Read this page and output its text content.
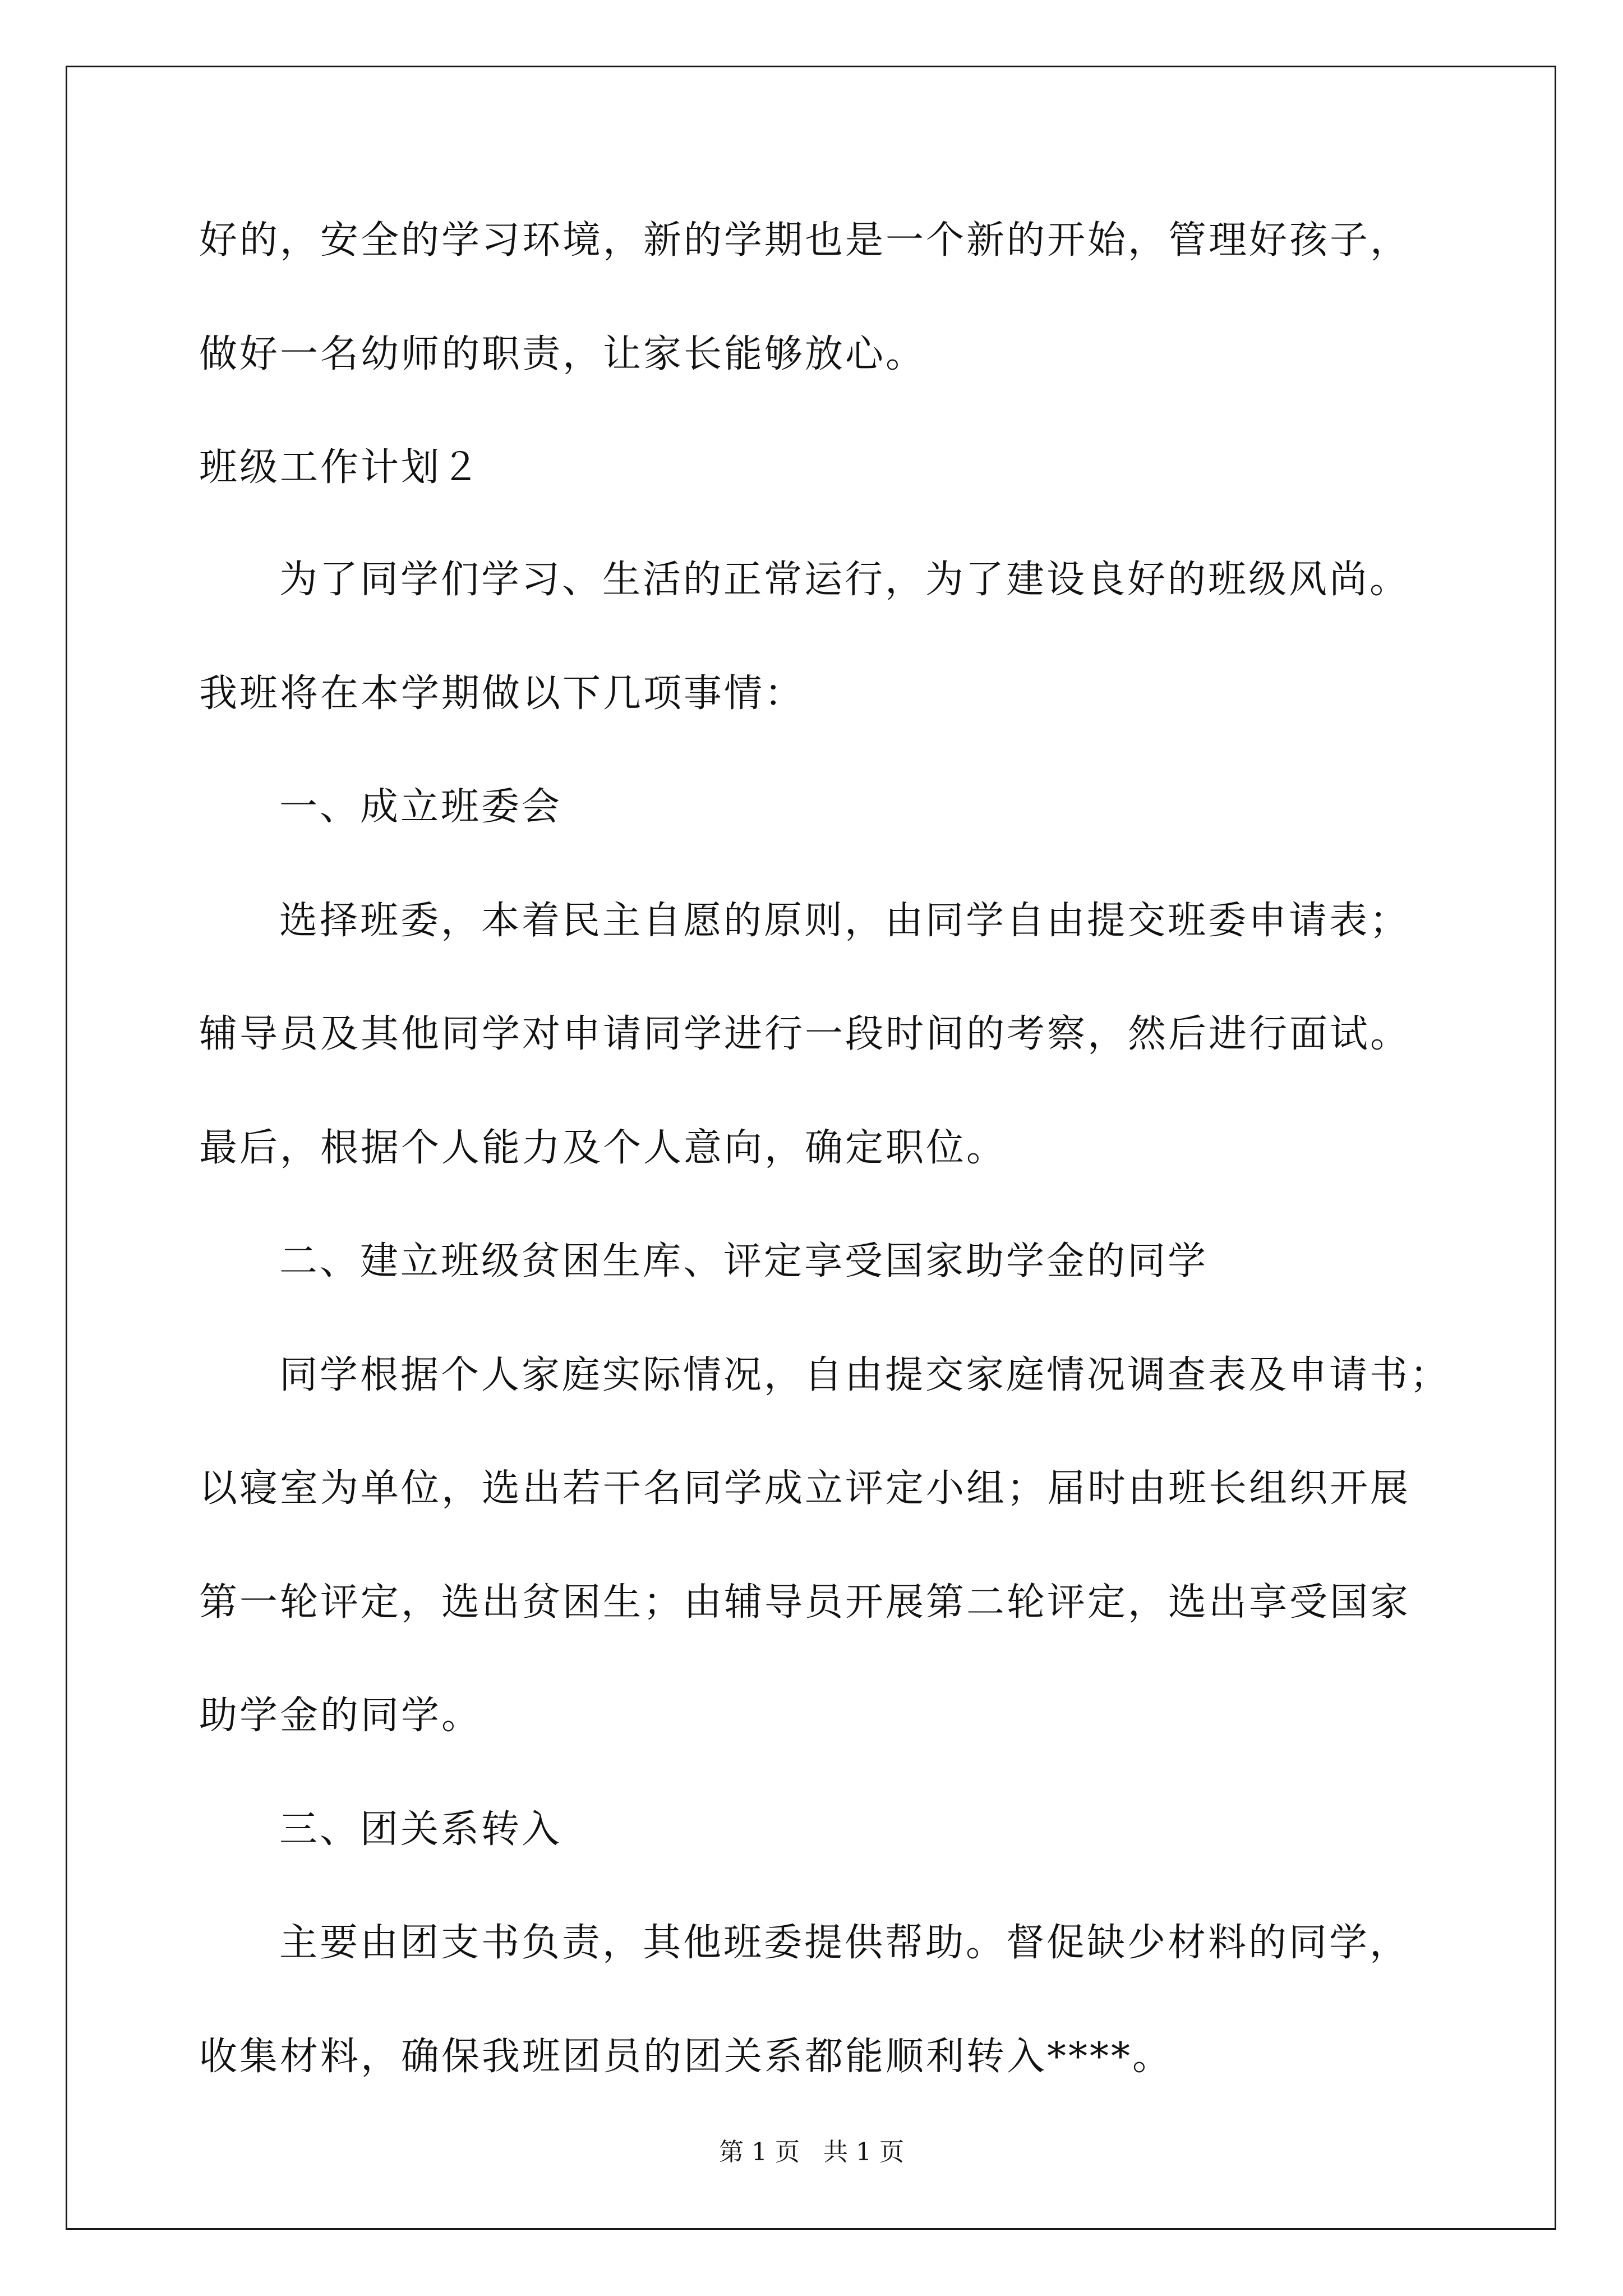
好的，安全的学习环境，新的学期也是一个新的开始，管理好孩子，
做好一名幼师的职责，让家长能够放心。
班级工作计划２
为了同学们学习、生活的正常运行，为了建设良好的班级风尚。
我班将在本学期做以下几项事情：
一、成立班委会
选择班委，本着民主自愿的原则，由同学自由提交班委申请表；
辅导员及其他同学对申请同学进行一段时间的考察，然后进行面试。
最后，根据个人能力及个人意向，确定职位。
二、建立班级贫困生库、评定享受国家助学金的同学
同学根据个人家庭实际情况，自由提交家庭情况调查表及申请书；
以寝室为单位，选出若干名同学成立评定小组；届时由班长组织开展
第一轮评定，选出贫困生；由辅导员开展第二轮评定，选出享受国家
助学金的同学。
三、团关系转入
主要由团支书负责，其他班委提供帮助。督促缺少材料的同学，
收集材料，确保我班团员的团关系都能顺利转入****。
第 1 页   共 1 页
